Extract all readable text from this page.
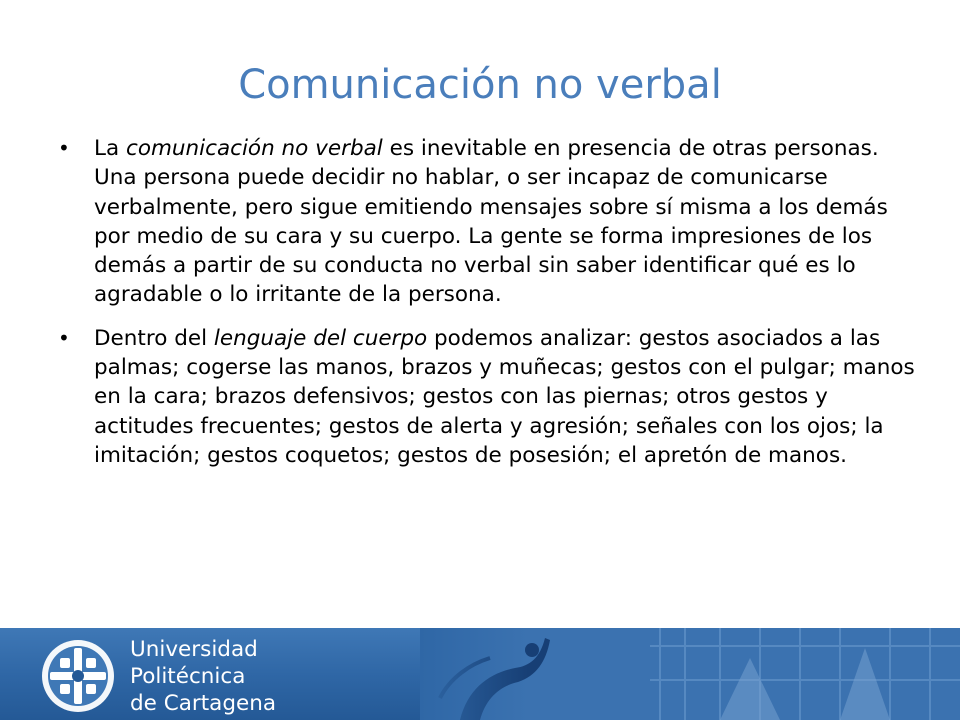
Comunicación no verbal
•	La comunicación no verbal es inevitable en presencia de otras personas. Una persona puede decidir no hablar, o ser incapaz de comunicarse verbalmente, pero sigue emitiendo mensajes sobre sí misma a los demás por medio de su cara y su cuerpo. La gente se forma impresiones de los demás a partir de su conducta no verbal sin saber identificar qué es lo agradable o lo irritante de la persona.
•	Dentro del lenguaje del cuerpo podemos analizar: gestos asociados a las palmas; cogerse las manos, brazos y muñecas; gestos con el pulgar; manos en la cara; brazos defensivos; gestos con las piernas; otros gestos y actitudes frecuentes; gestos de alerta y agresión; señales con los ojos; la imitación; gestos coquetos; gestos de posesión; el apretón de manos.
Universidad
Politécnica
de Cartagena
